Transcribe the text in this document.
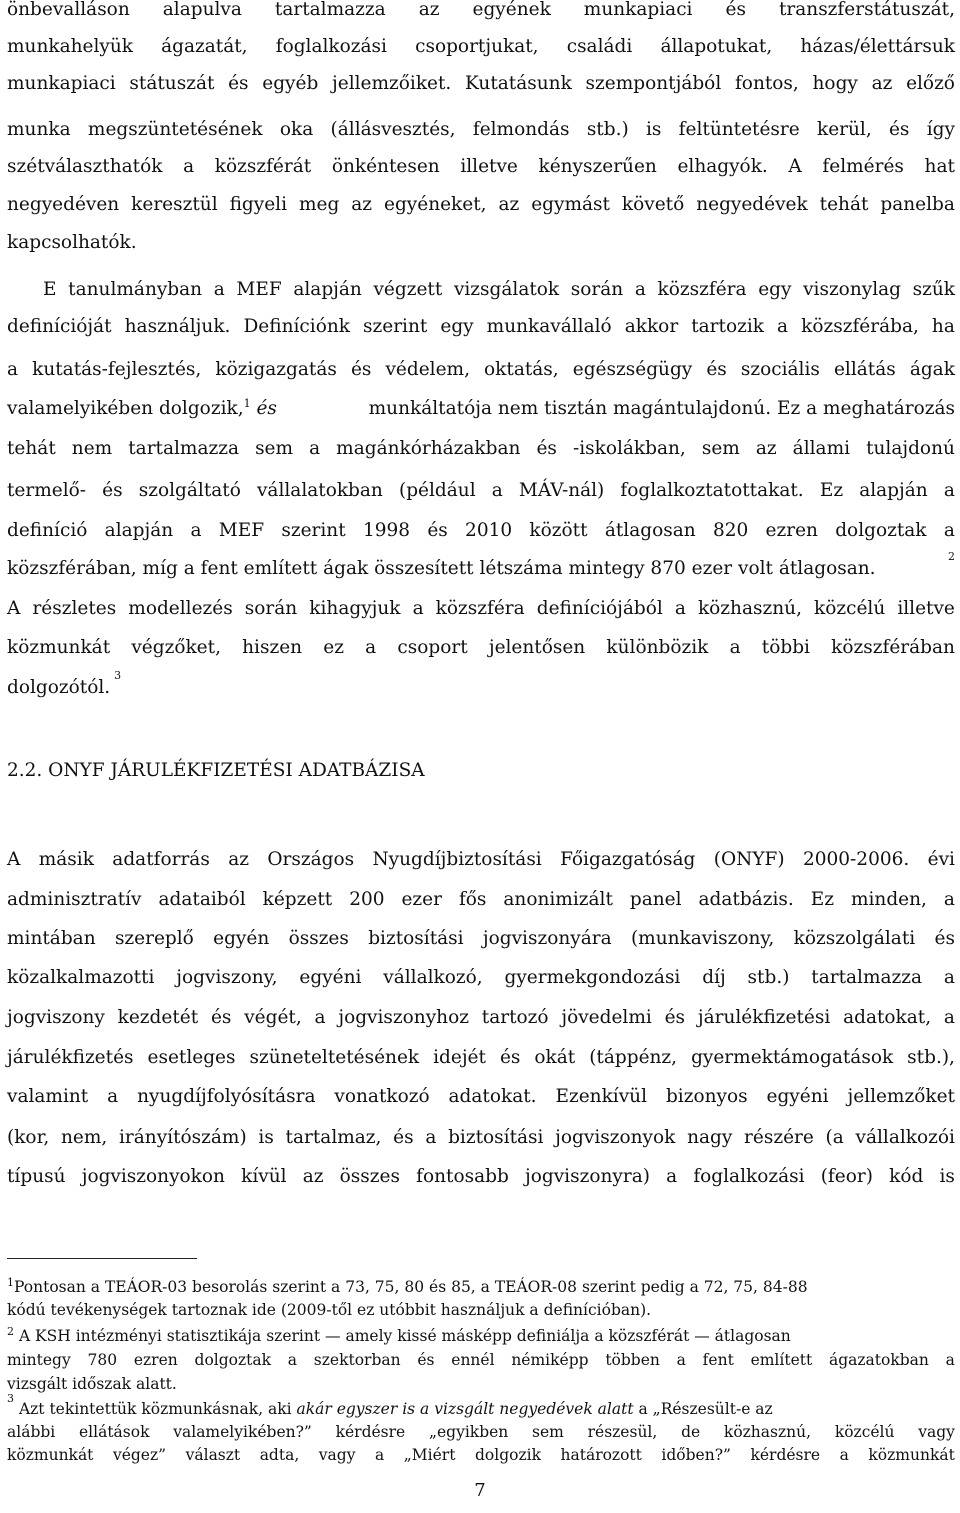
önbevalláson alapulva tartalmazza az egyének munkapiaci és transzferstátuszát,
munkahelyük ágazatát, foglalkozási csoportjukat, családi állapotukat, házas/élettársuk
munkapiaci státuszát és egyéb jellemzőiket. Kutatásunk szempontjából fontos, hogy az előző
munka megszüntetésének oka (állásvesztés, felmondás stb.) is feltüntetésre kerül, és így
szétválaszthatók a közszférát önkéntesen illetve kényszerűen elhagyók. A felmérés hat
negyedéven keresztül figyeli meg az egyéneket, az egymást követő negyedévek tehát panelba
kapcsolhatók.
E tanulmányban a MEF alapján végzett vizsgálatok során a közszféra egy viszonylag szűk
definícióját használjuk. Definíciónk szerint egy munkavállaló akkor tartozik a közszférába, ha
a kutatás-fejlesztés, közigazgatás és védelem, oktatás, egészségügy és szociális ellátás ágak
valamelyikében dolgozik,$^1$ és	munkáltatója nem tisztán magántulajdonú. Ez a meghatározás
tehát nem tartalmazza sem a magánkórházakban és -iskolákban, sem az állami tulajdonú
termelő- és szolgáltató vállalatokban (például a MÁV-nál) foglalkoztatottakat. Ez alapján a
definíció alapján a MEF szerint 1998 és 2010 között átlagosan 820 ezren dolgoztak a
közszférában, míg a fent említett ágak összesített létszáma mintegy 870 ezer volt átlagosan.
2
A részletes modellezés során kihagyjuk a közszféra definíciójából a közhasznú, közcélú illetve
közmunkát végzőket, hiszen ez a csoport jelentősen különbözik a többi közszférában
dolgozótól.
3
2.2. ONYF JÁRULÉKFIZETÉSI ADATBÁZISA
A másik adatforrás az Országos Nyugdíjbiztosítási Főigazgatóság (ONYF) 2000-2006. évi
adminisztratív adataiból képzett 200 ezer fős anonimizált panel adatbázis. Ez minden, a
mintában szereplő egyén összes biztosítási jogviszonyára (munkaviszony, közszolgálati és
közalkalmazotti jogviszony, egyéni vállalkozó, gyermekgondozási díj stb.) tartalmazza a
jogviszony kezdetét és végét, a jogviszonyhoz tartozó jövedelmi és járulékfizetési adatokat, a
járulékfizetés esetleges szüneteltetésének idejét és okát (táppénz, gyermektámogatások stb.),
valamint a nyugdíjfolyósításra vonatkozó adatokat. Ezenkívül bizonyos egyéni jellemzőket
(kor, nem, irányítószám) is tartalmaz, és a biztosítási jogviszonyok nagy részére (a vállalkozói
típusú jogviszonyokon kívül az összes fontosabb jogviszonyra) a foglalkozási (feor) kód is
$^1$Pontosan a TEÁOR-03 besorolás szerint a 73, 75, 80 és 85, a TEÁOR-08 szerint pedig a 72, 75, 84-88
kódú tevékenységek tartoznak ide (2009-től ez utóbbit használjuk a definícióban).
$^2$ A KSH intézményi statisztikája szerint — amely kissé másképp definiálja a közszférát — átlagosan
mintegy 780 ezren dolgoztak a szektorban és ennél némiképp többen a fent említett ágazatokban a
vizsgált időszak alatt.
3

Azt tekintettük közmunkásnak, aki
akár egyszer is a vizsgált negyedévek alatt
a „Részesült-e az
alábbi ellátások valamelyikében?” kérdésre „egyikben sem részesül, de közhasznú, közcélú vagy
közmunkát végez” választ adta, vagy a „Miért dolgozik határozott időben?” kérdésre a közmunkát
7
